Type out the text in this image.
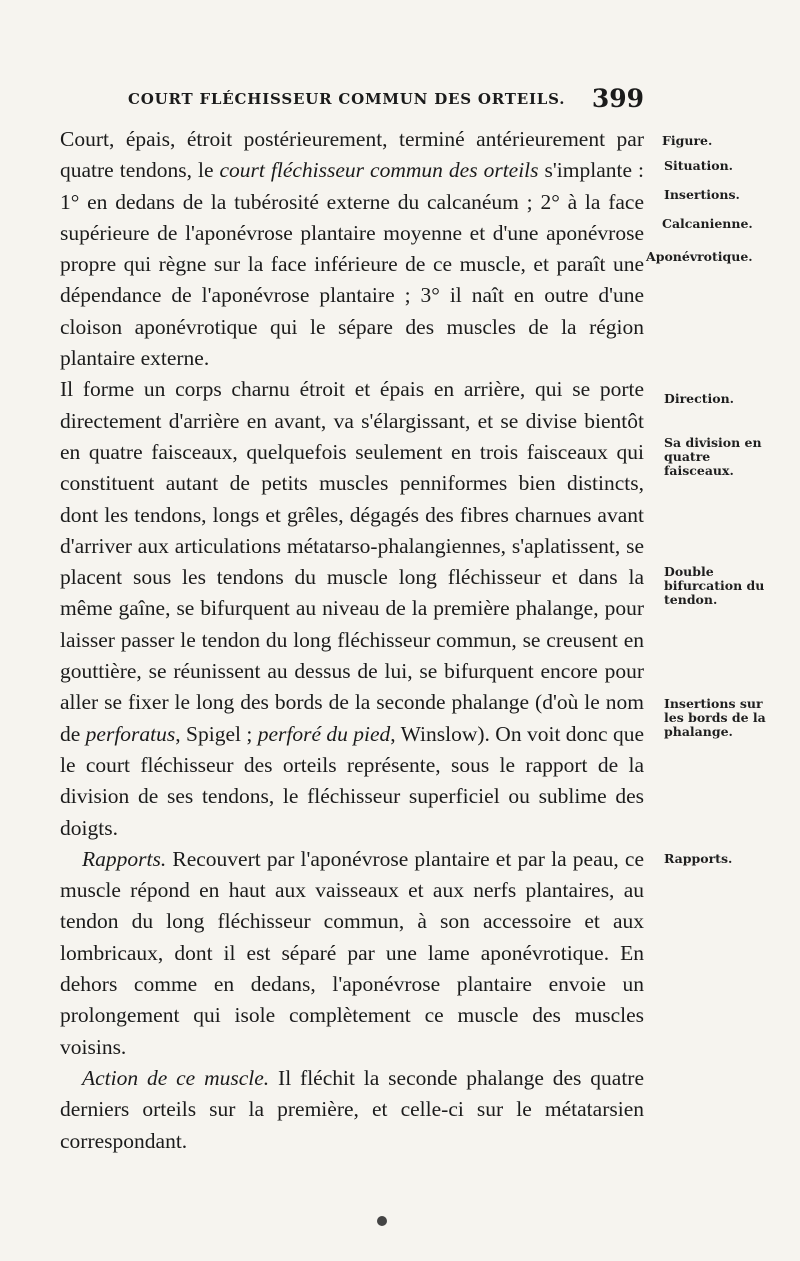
COURT FLÉCHISSEUR COMMUN DES ORTEILS. 399

Court, épais, étroit postérieurement, terminé antérieurement par quatre tendons, le court fléchisseur commun des orteils s'implante : 1° en dedans de la tubérosité externe du calcanéum ; 2° à la face supérieure de l'aponévrose plantaire moyenne et d'une aponévrose propre qui règne sur la face inférieure de ce muscle, et paraît une dépendance de l'aponévrose plantaire ; 3° il naît en outre d'une cloison aponévrotique qui le sépare des muscles de la région plantaire externe.

Il forme un corps charnu étroit et épais en arrière, qui se porte directement d'arrière en avant, va s'élargissant, et se divise bientôt en quatre faisceaux, quelquefois seulement en trois faisceaux qui constituent autant de petits muscles penniformes bien distincts, dont les tendons, longs et grêles, dégagés des fibres charnues avant d'arriver aux articulations métatarso-phalangiennes, s'aplatissent, se placent sous les tendons du muscle long fléchisseur et dans la même gaîne, se bifurquent au niveau de la première phalange, pour laisser passer le tendon du long fléchisseur commun, se creusent en gouttière, se réunissent au dessus de lui, se bifurquent encore pour aller se fixer le long des bords de la seconde phalange (d'où le nom de perforatus, Spigel ; perforé du pied, Winslow). On voit donc que le court fléchisseur des orteils représente, sous le rapport de la division de ses tendons, le fléchisseur superficiel ou sublime des doigts.

Rapports. Recouvert par l'aponévrose plantaire et par la peau, ce muscle répond en haut aux vaisseaux et aux nerfs plantaires, au tendon du long fléchisseur commun, à son accessoire et aux lombricaux, dont il est séparé par une lame aponévrotique. En dehors comme en dedans, l'aponévrose plantaire envoie un prolongement qui isole complètement ce muscle des muscles voisins.

Action de ce muscle. Il fléchit la seconde phalange des quatre derniers orteils sur la première, et celle-ci sur le métatarsien correspondant.

Figure.
Situation.
Insertions.
Calcanienne.
Aponévrotique.
Direction.
Sa division en quatre faisceaux.
Double bifurcation du tendon.
Insertions sur les bords de la phalange.
Rapports.
